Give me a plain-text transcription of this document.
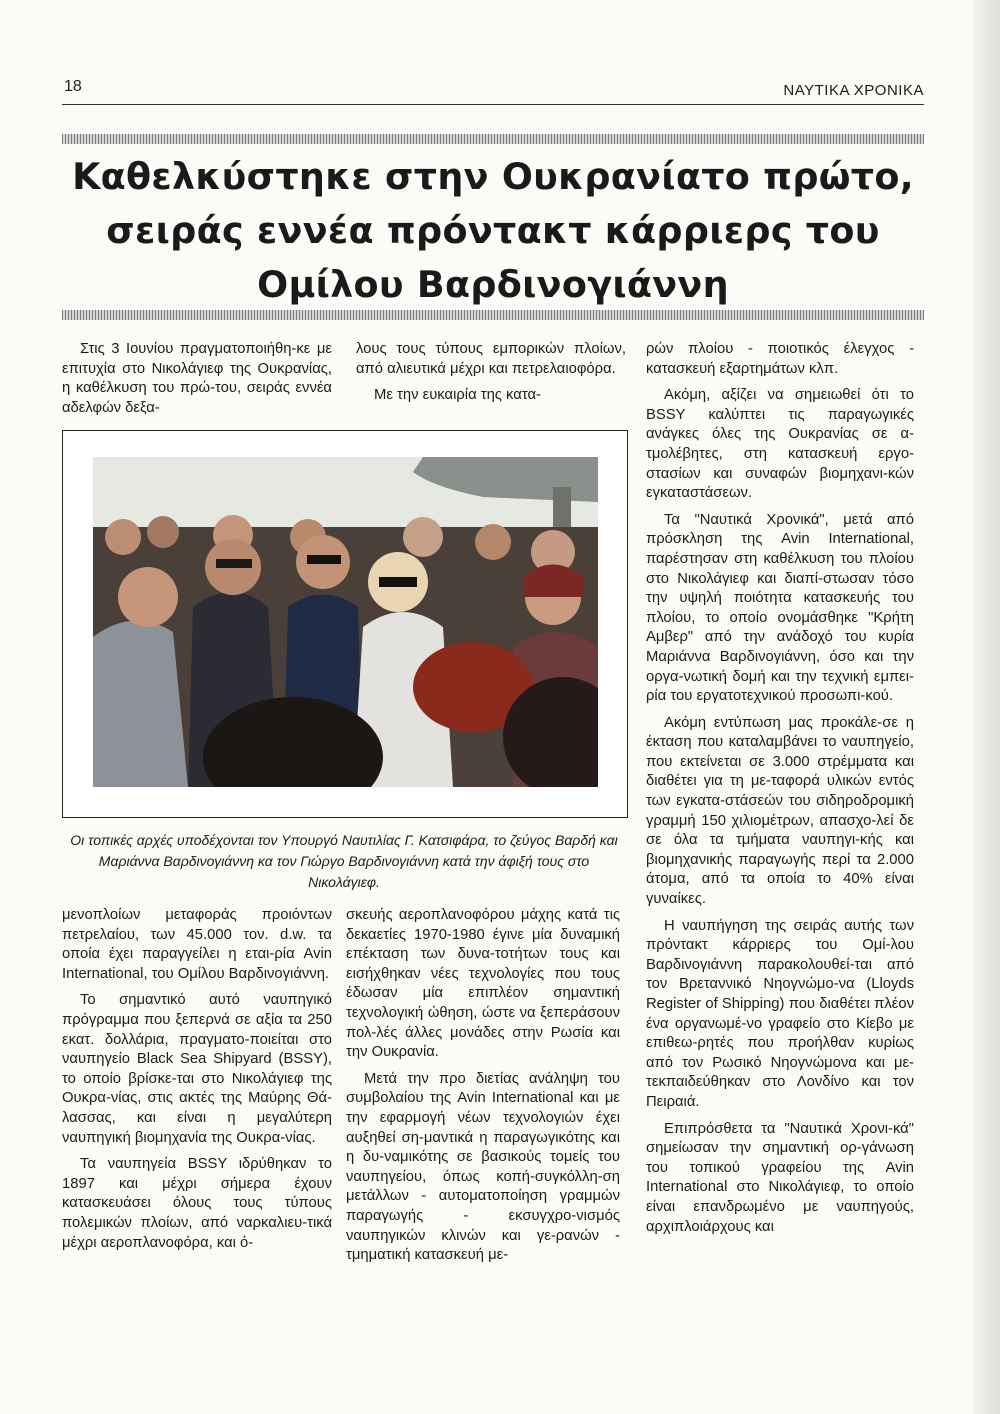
18	ΝΑΥΤΙΚΑ ΧΡΟΝΙΚΑ
Καθελκύστηκε στην Ουκρανίατο πρώτο,
σειράς εννέα πρόντακτ κάρριερς του
Ομίλου Βαρδινογιάννη

Στις 3 Ιουνίου πραγματοποιήθη-κε με επιτυχία στο Νικολάγιεφ της Ουκρανίας, η καθέλκυση του πρώ-του, σειράς εννέα αδελφών δεξα-

λους τους τύπους εμπορικών πλοίων, από αλιευτικά μέχρι και πετρελαιοφόρα.

Με την ευκαιρία της κατα-

ρών πλοίου - ποιοτικός έλεγχος - κατασκευή εξαρτημάτων κλπ.

Ακόμη, αξίζει να σημειωθεί ότι το BSSY καλύπτει τις παραγωγικές ανάγκες όλες της Ουκρανίας σε α-τμολέβητες, στη κατασκευή εργο-στασίων και συναφών βιομηχανι-κών εγκαταστάσεων.

Τα "Ναυτικά Χρονικά", μετά από πρόσκληση της Avin International, παρέστησαν στη καθέλκυση του πλοίου στο Νικολάγιεφ και διαπί-στωσαν τόσο την υψηλή ποιότητα κατασκευής του πλοίου, το οποίο ονομάσθηκε "Κρήτη Αμβερ" από την ανάδοχό του κυρία Μαριάννα Βαρδινογιάννη, όσο και την οργα-νωτική δομή και την τεχνική εμπει-ρία του εργατοτεχνικού προσωπι-κού.

Ακόμη εντύπωση μας προκάλε-σε η έκταση που καταλαμβάνει το ναυπηγείο, που εκτείνεται σε 3.000 στρέμματα και διαθέτει για τη με-ταφορά υλικών εντός των εγκατα-στάσεών του σιδηροδρομική γραμμή 150 χιλιομέτρων, απασχο-λεί δε σε όλα τα τμήματα ναυπηγι-κής και βιομηχανικής παραγωγής περί τα 2.000 άτομα, από τα οποία το 40% είναι γυναίκες.

Η ναυπήγηση της σειράς αυτής των πρόντακτ κάρριερς του Ομί-λου Βαρδινογιάννη παρακολουθεί-ται από τον Βρεταννικό Νηογνώμο-να (Lloyds Register of Shipping) που διαθέτει πλέον ένα οργανωμέ-νο γραφείο στο Κίεβο με επιθεω-ρητές που προήλθαν κυρίως από τον Ρωσικό Νηογνώμονα και με-τεκπαιδεύθηκαν στο Λονδίνο και τον Πειραιά.

Επιπρόσθετα τα "Ναυτικά Χρονι-κά" σημείωσαν την σημαντική ορ-γάνωση του τοπικού γραφείου της Avin International στο Νικολάγιεφ, το οποίο είναι επανδρωμένο με ναυπηγούς, αρχιπλοιάρχους και

Οι τοπικές αρχές υποδέχονται τον Υπουργό Ναυτιλίας Γ. Κατσιφάρα, το ζεύγος Βαρδή και Μαριάννα Βαρδινογιάννη κα τον Γιώργο Βαρδινογιάννη κατά την άφιξή τους στο Νικολάγιεφ.

μενοπλοίων μεταφοράς προιόντων πετρελαίου, των 45.000 τον. d.w. τα οποία έχει παραγγείλει η εται-ρία Avin International, του Ομίλου Βαρδινογιάννη.

Το σημαντικό αυτό ναυπηγικό πρόγραμμα που ξεπερνά σε αξία τα 250 εκατ. δολλάρια, πραγματο-ποιείται στο ναυπηγείο Black Sea Shipyard (BSSY), το οποίο βρίσκε-ται στο Νικολάγιεφ της Ουκρα-νίας, στις ακτές της Μαύρης Θά-λασσας, και είναι η μεγαλύτερη ναυπηγική βιομηχανία της Ουκρα-νίας.

Τα ναυπηγεία BSSY ιδρύθηκαν το 1897 και μέχρι σήμερα έχουν κατασκευάσει όλους τους τύπους πολεμικών πλοίων, από ναρκαλιευ-τικά μέχρι αεροπλανοφόρα, και ό-

σκευής αεροπλανοφόρου μάχης κατά τις δεκαετίες 1970-1980 έγινε μία δυναμική επέκταση των δυνα-τοτήτων τους και εισήχθηκαν νέες τεχνολογίες που τους έδωσαν μία επιπλέον σημαντική τεχνολογική ώθηση, ώστε να ξεπεράσουν πολ-λές άλλες μονάδες στην Ρωσία και την Ουκρανία.

Μετά την προ διετίας ανάληψη του συμβολαίου της Avin International και με την εφαρμογή νέων τεχνολογιών έχει αυξηθεί ση-μαντικά η παραγωγικότης και η δυ-ναμικότης σε βασικούς τομείς του ναυπηγείου, όπως κοπή-συγκόλλη-ση μετάλλων - αυτοματοποίηση γραμμών παραγωγής - εκσυγχρο-νισμός ναυπηγικών κλινών και γε-ρανών - τμηματική κατασκευή με-
